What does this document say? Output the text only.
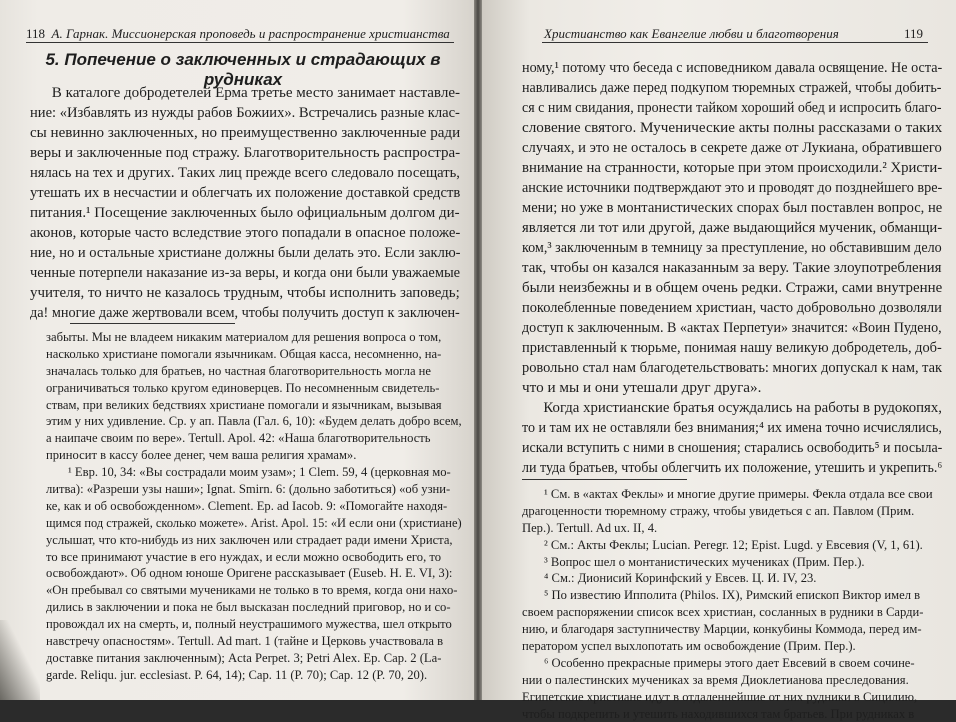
118 А. Гарнак. Миссионерская проповедь и распространение христианства
5. Попечение о заключенных и страдающих в рудниках
В каталоге добродетелей Ерма третье место занимает наставле-
ние: «Избавлять из нужды рабов Божиих». Встречались разные клас-
сы невинно заключенных, но преимущественно заключенные ради
веры и заключенные под стражу. Благотворительность распростра-
нялась на тех и других. Таких лиц прежде всего следовало посещать,
утешать их в несчастии и облегчать их положение доставкой средств
питания.¹ Посещение заключенных было официальным долгом ди-
аконов, которые часто вследствие этого попадали в опасное положе-
ние, но и остальные христиане должны были делать это. Если заклю-
ченные потерпели наказание из-за веры, и когда они были уважаемые
учителя, то ничто не казалось трудным, чтобы исполнить заповедь;
да! многие даже жертвовали всем, чтобы получить доступ к заключен-
забыты. Мы не владеем никаким материалом для решения вопроса о том,
насколько христиане помогали язычникам. Общая касса, несомненно, на-
значалась только для братьев, но частная благотворительность могла не
ограничиваться только кругом единоверцев. По несомненным свидетель-
ствам, при великих бедствиях христиане помогали и язычникам, вызывая
этим у них удивление. Ср. у ап. Павла (Гал. 6, 10): «Будем делать добро всем,
а наипаче своим по вере». Tertull. Apol. 42: «Наша благотворительность
приносит в кассу более денег, чем ваша религия храмам».
¹ Евр. 10, 34: «Вы сострадали моим узам»; 1 Clem. 59, 4 (церковная мо-
литва): «Разреши узы наши»; Ignat. Smirn. 6: (дольно заботиться) «об узни-
ке, как и об освобожденном». Clement. Ep. ad Iacob. 9: «Помогайте находя-
щимся под стражей, сколько можете». Arist. Apol. 15: «И если они (христиане)
услышат, что кто-нибудь из них заключен или страдает ради имени Христа,
то все принимают участие в его нуждах, и если можно освободить его, то
освобождают». Об одном юноше Оригене рассказывает (Euseb. H. E. VI, 3):
«Он пребывал со святыми мучениками не только в то время, когда они нахо-
дились в заключении и пока не был высказан последний приговор, но и со-
провождал их на смерть, и, полный неустрашимого мужества, шел открыто
навстречу опасностям». Tertull. Ad mart. 1 (тайне и Церковь участвовала в
доставке питания заключенным); Acta Perpet. 3; Petri Alex. Ep. Cap. 2 (La-
garde. Reliqu. jur. ecclesiast. P. 64, 14); Cap. 11 (P. 70); Cap. 12 (P. 70, 20).
Христианство как Евангелие любви и благотворения	119
ному,¹ потому что беседа с исповедником давала освящение. Не оста-
навливались даже перед подкупом тюремных стражей, чтобы добить-
ся с ним свидания, пронести тайком хороший обед и испросить благо-
словение святого. Мученические акты полны рассказами о таких
случаях, и это не осталось в секрете даже от Лукиана, обратившего
внимание на странности, которые при этом происходили.² Христи-
анские источники подтверждают это и проводят до позднейшего вре-
мени; но уже в монтанистических спорах был поставлен вопрос, не
является ли тот или другой, даже выдающийся мученик, обманщи-
ком,³ заключенным в темницу за преступление, но обставившим дело
так, чтобы он казался наказанным за веру. Такие злоупотребления
были неизбежны и в общем очень редки. Стражи, сами внутренне
поколебленные поведением христиан, часто добровольно дозволяли
доступ к заключенным. В «актах Перпетуи» значится: «Воин Пудено,
приставленный к тюрьме, понимая нашу великую добродетель, доб-
ровольно стал нам благодетельствовать: многих допускал к нам, так
что и мы и они утешали друг друга».
Когда христианские братья осуждались на работы в рудокопях,
то и там их не оставляли без внимания;⁴ их имена точно исчислялись,
искали вступить с ними в сношения; старались освободить⁵ и посыла-
ли туда братьев, чтобы облегчить их положение, утешить и укрепить.⁶
¹ См. в «актах Феклы» и многие другие примеры. Фекла отдала все свои
драгоценности тюремному стражу, чтобы увидеться с ап. Павлом (Прим.
Пер.). Tertull. Ad ux. II, 4.
² См.: Акты Феклы; Lucian. Peregr. 12; Epist. Lugd. у Евсевия (V, 1, 61).
³ Вопрос шел о монтанистических мучениках (Прим. Пер.).
⁴ См.: Дионисий Коринфский у Евсев. Ц. И. IV, 23.
⁵ По известию Ипполита (Philos. IX), Римский епископ Виктор имел в
своем распоряжении список всех христиан, сосланных в рудники в Сарди-
нию, и благодаря заступничеству Марции, конкубины Коммода, перед им-
ператором успел выхлопотать им освобождение (Прим. Пер.).
⁶ Особенно прекрасные примеры этого дает Евсевий в своем сочине-
нии о палестинских мучениках за время Диоклетианова преследования.
Египетские христиане идут в отдаленнейшие от них рудники в Сицилию,
чтобы подкрепить и утешить находившихся там братьев. При рудниках в
